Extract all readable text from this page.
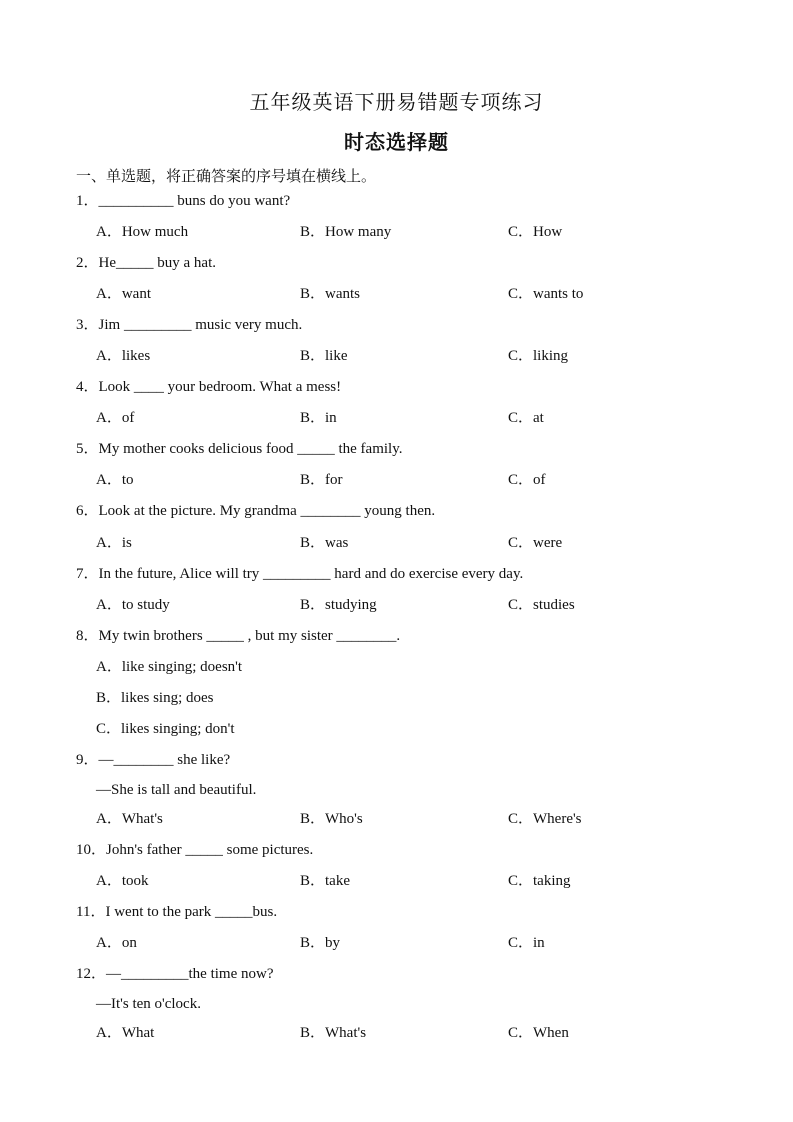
五年级英语下册易错题专项练习
时态选择题
一、单选题，将正确答案的序号填在横线上。
1．__________ buns do you want?
A．How much	B．How many	C．How
2．He_____ buy a hat.
A．want	B．wants	C．wants to
3．Jim _________ music very much.
A．likes	B．like	C．liking
4．Look ____ your bedroom. What a mess!
A．of	B．in	C．at
5．My mother cooks delicious food _____ the family.
A．to	B．for	C．of
6．Look at the picture. My grandma ________ young then.
A．is	B．was	C．were
7．In the future, Alice will try _________ hard and do exercise every day.
A．to study	B．studying	C．studies
8．My twin brothers _____ , but my sister ________.
A．like singing; doesn't
B．likes sing; does
C．likes singing; don't
9．—________ she like?
—She is tall and beautiful.
A．What's	B．Who's	C．Where's
10．John's father _____ some pictures.
A．took	B．take	C．taking
11．I went to the park _____bus.
A．on	B．by	C．in
12．—_________the time now?
—It's ten o'clock.
A．What	B．What's	C．When
